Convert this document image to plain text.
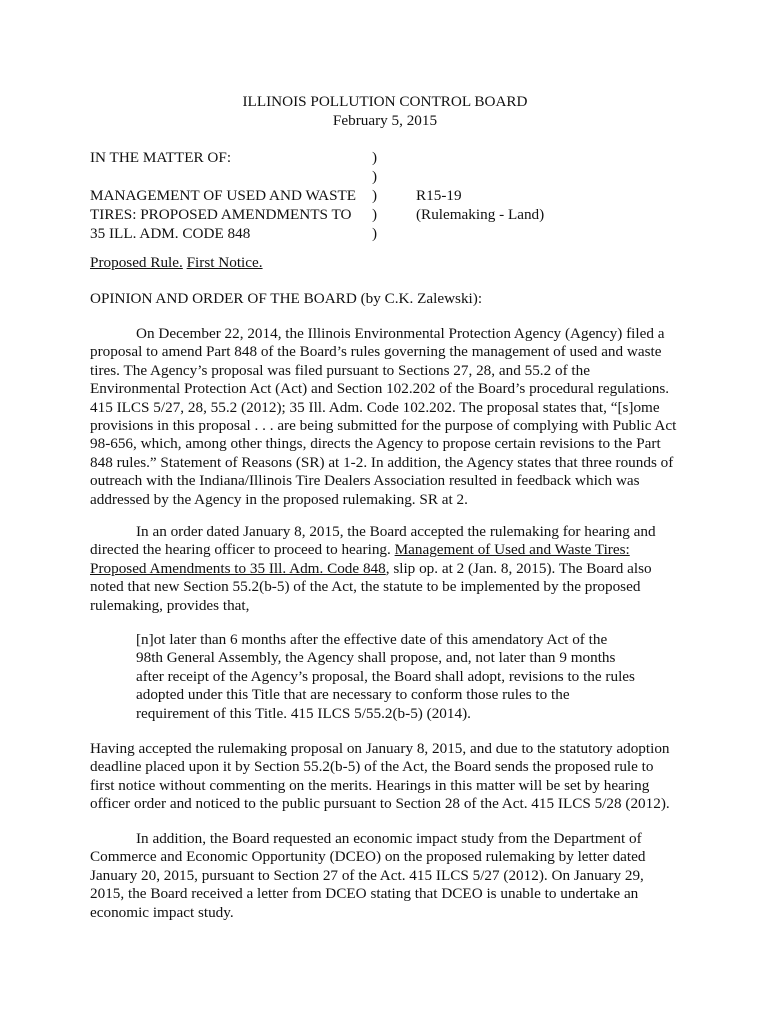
ILLINOIS POLLUTION CONTROL BOARD
February 5, 2015
IN THE MATTER OF:	)
)
MANAGEMENT OF USED AND WASTE	)	R15-19
TIRES: PROPOSED AMENDMENTS TO	)	(Rulemaking - Land)
35 ILL. ADM. CODE 848	)
Proposed Rule. First Notice.
OPINION AND ORDER OF THE BOARD (by C.K. Zalewski):
On December 22, 2014, the Illinois Environmental Protection Agency (Agency) filed a
proposal to amend Part 848 of the Board’s rules governing the management of used and waste
tires. The Agency’s proposal was filed pursuant to Sections 27, 28, and 55.2 of the
Environmental Protection Act (Act) and Section 102.202 of the Board’s procedural regulations.
415 ILCS 5/27, 28, 55.2 (2012); 35 Ill. Adm. Code 102.202. The proposal states that, “[s]ome
provisions in this proposal . . . are being submitted for the purpose of complying with Public Act
98-656, which, among other things, directs the Agency to propose certain revisions to the Part
848 rules.” Statement of Reasons (SR) at 1-2. In addition, the Agency states that three rounds of
outreach with the Indiana/Illinois Tire Dealers Association resulted in feedback which was
addressed by the Agency in the proposed rulemaking. SR at 2.
In an order dated January 8, 2015, the Board accepted the rulemaking for hearing and
directed the hearing officer to proceed to hearing. Management of Used and Waste Tires:
Proposed Amendments to 35 Ill. Adm. Code 848, slip op. at 2 (Jan. 8, 2015). The Board also
noted that new Section 55.2(b-5) of the Act, the statute to be implemented by the proposed
rulemaking, provides that,
[n]ot later than 6 months after the effective date of this amendatory Act of the
98th General Assembly, the Agency shall propose, and, not later than 9 months
after receipt of the Agency’s proposal, the Board shall adopt, revisions to the rules
adopted under this Title that are necessary to conform those rules to the
requirement of this Title. 415 ILCS 5/55.2(b-5) (2014).
Having accepted the rulemaking proposal on January 8, 2015, and due to the statutory adoption
deadline placed upon it by Section 55.2(b-5) of the Act, the Board sends the proposed rule to
first notice without commenting on the merits. Hearings in this matter will be set by hearing
officer order and noticed to the public pursuant to Section 28 of the Act. 415 ILCS 5/28 (2012).
In addition, the Board requested an economic impact study from the Department of
Commerce and Economic Opportunity (DCEO) on the proposed rulemaking by letter dated
January 20, 2015, pursuant to Section 27 of the Act. 415 ILCS 5/27 (2012). On January 29,
2015, the Board received a letter from DCEO stating that DCEO is unable to undertake an
economic impact study.
